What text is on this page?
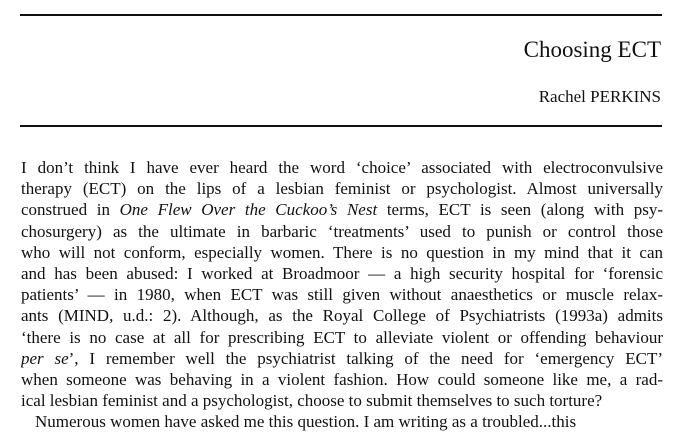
Choosing ECT
Rachel PERKINS
I don’t think I have ever heard the word ‘choice’ associated with electroconvulsive
therapy (ECT) on the lips of a lesbian feminist or psychologist. Almost universally
construed in One Flew Over the Cuckoo’s Nest terms, ECT is seen (along with psy-
chosurgery) as the ultimate in barbaric ‘treatments’ used to punish or control those
who will not conform, especially women. There is no question in my mind that it can
and has been abused: I worked at Broadmoor — a high security hospital for ‘forensic
patients’ — in 1980, when ECT was still given without anaesthetics or muscle relax-
ants (MIND, u.d.: 2). Although, as the Royal College of Psychiatrists (1993a) admits
‘there is no case at all for prescribing ECT to alleviate violent or offending behaviour
per se’, I remember well the psychiatrist talking of the need for ‘emergency ECT’
when someone was behaving in a violent fashion. How could someone like me, a rad-
ical lesbian feminist and a psychologist, choose to submit themselves to such torture?
Numerous women have asked me this question. I am writing as a troubled...this
